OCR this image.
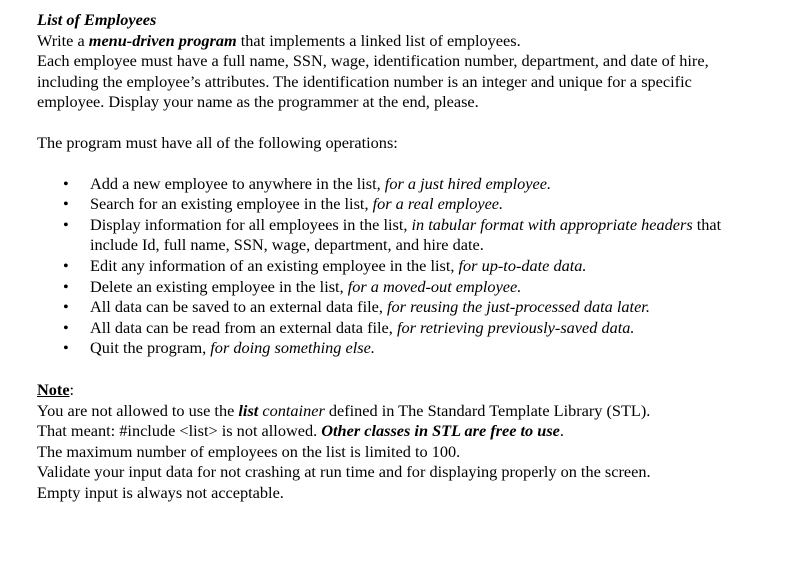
List of Employees

Write a menu-driven program that implements a linked list of employees.
Each employee must have a full name, SSN, wage, identification number, department, and date of hire, including the employee’s attributes. The identification number is an integer and unique for a specific employee. Display your name as the programmer at the end, please.

The program must have all of the following operations:

• Add a new employee to anywhere in the list, for a just hired employee.
• Search for an existing employee in the list, for a real employee.
• Display information for all employees in the list, in tabular format with appropriate headers that include Id, full name, SSN, wage, department, and hire date.
• Edit any information of an existing employee in the list, for up-to-date data.
• Delete an existing employee in the list, for a moved-out employee.
• All data can be saved to an external data file, for reusing the just-processed data later.
• All data can be read from an external data file, for retrieving previously-saved data.
• Quit the program, for doing something else.

Note:

You are not allowed to use the list container defined in The Standard Template Library (STL).

That meant: #include <list> is not allowed. Other classes in STL are free to use.

The maximum number of employees on the list is limited to 100.

Validate your input data for not crashing at run time and for displaying properly on the screen.

Empty input is always not acceptable.
